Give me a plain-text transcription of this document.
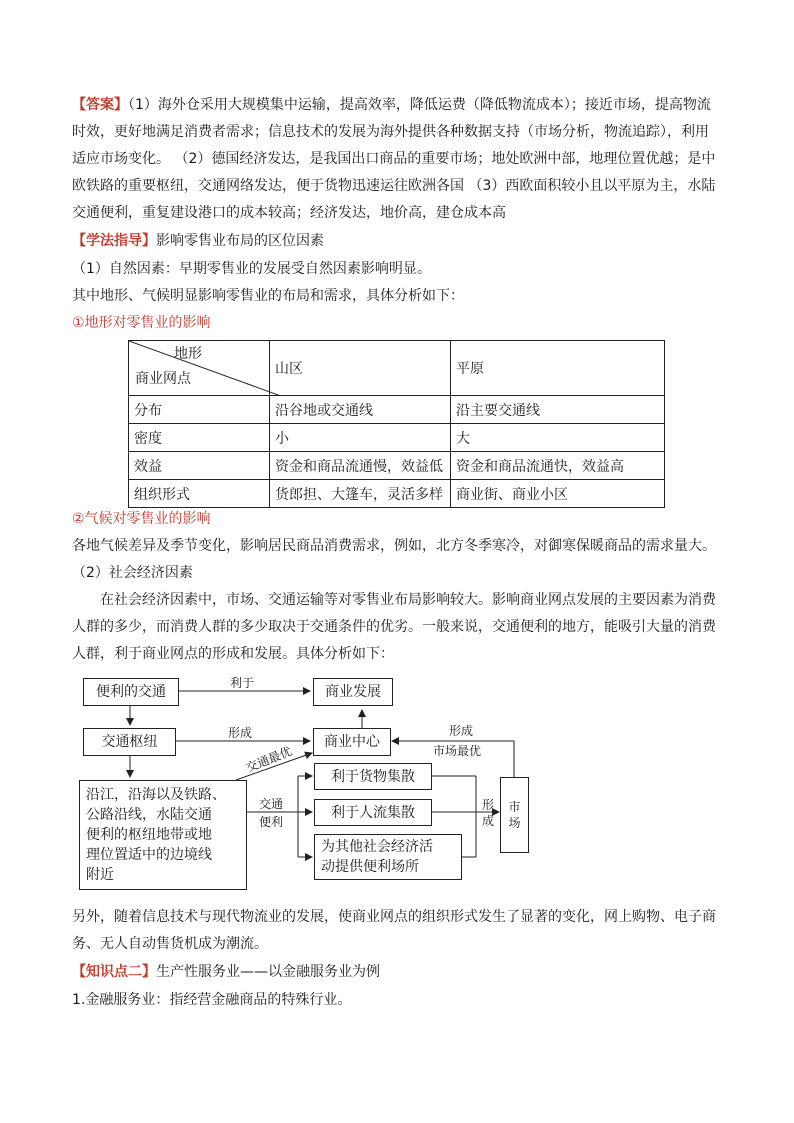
【答案】（1）海外仓采用大规模集中运输，提高效率，降低运费（降低物流成本）；接近市场，提高物流
时效，更好地满足消费者需求；信息技术的发展为海外提供各种数据支持（市场分析，物流追踪），利用
适应市场变化。 （2）德国经济发达，是我国出口商品的重要市场；地处欧洲中部，地理位置优越；是中
欧铁路的重要枢纽，交通网络发达，便于货物迅速运往欧洲各国 （3）西欧面积较小且以平原为主，水陆
交通便利，重复建设港口的成本较高；经济发达，地价高，建仓成本高
【学法指导】影响零售业布局的区位因素
（1）自然因素：早期零售业的发展受自然因素影响明显。
其中地形、气候明显影响零售业的布局和需求，具体分析如下：
①地形对零售业的影响
地形
商业网点	山区	平原
分布	沿谷地或交通线	沿主要交通线
密度	小	大
效益	资金和商品流通慢，效益低	资金和商品流通快，效益高
组织形式	货郎担、大篷车，灵活多样	商业街、商业小区
②气候对零售业的影响
各地气候差异及季节变化，影响居民商品消费需求，例如，北方冬季寒冷，对御寒保暖商品的需求量大。
（2）社会经济因素
在社会经济因素中，市场、交通运输等对零售业布局影响较大。影响商业网点发展的主要因素为消费
人群的多少，而消费人群的多少取决于交通条件的优劣。一般来说，交通便利的地方，能吸引大量的消费
人群，利于商业网点的形成和发展。具体分析如下：
便利的交通	商业发展
交通枢纽	商业中心
利于货物集散
利于人流集散
为其他社会经济活
动提供便利场所
沿江，沿海以及铁路、
公路沿线，水陆交通
便利的枢纽地带或地
理位置适中的边境线
附近
市
场
利于
形成
交通最优
形成
市场最优
交通
便利
形
成
另外，随着信息技术与现代物流业的发展，使商业网点的组织形式发生了显著的变化，网上购物、电子商
务、无人自动售货机成为潮流。
【知识点二】生产性服务业——以金融服务业为例
1.金融服务业：指经营金融商品的特殊行业。
